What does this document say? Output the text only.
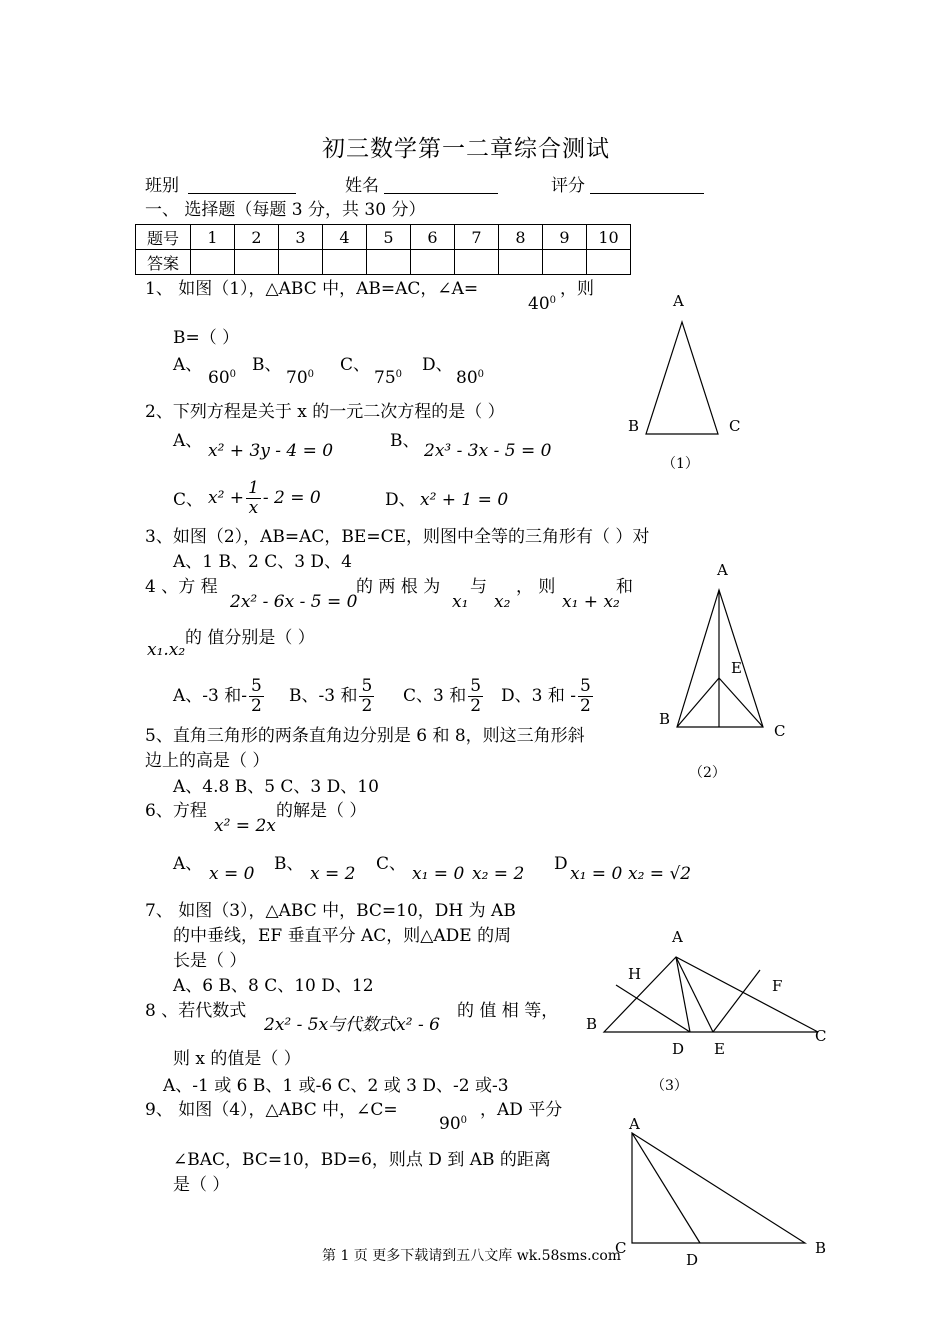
初三数学第一二章综合测试
班别	姓名	评分
一、 选择题（每题 3 分，共 30 分）
题号	1	2	3	4	5	6	7	8	9	10
答案										
1、 如图（1），△ABC 中，AB=AC，∠A=
$40^0$
，则
B=（ ）
A、
$60^0$ B、
$70^0$ C、
$75^0$ D、
$80^0$
2、下列方程是关于 x 的一元二次方程的是（ ）
A、 x² + 3y - 4 = 0	B、 2x³ - 3x - 5 = 0
C、 $x^2 + \frac{1}{x} - 2 = 0$	D、 x² + 1 = 0
3、如图（2），AB=AC，BE=CE，则图中全等的三角形有（ ）对
A、1 B、2 C、3 D、4
4 、方 程
2x² - 6x - 5 = 0
的 两 根 为
x₁
与
x₂
， 则
x₁ + x₂
和
x₁.x₂
的 值分别是（ ）
A、-3 和- $\frac{5}{2}$ B、-3 和 $\frac{5}{2}$ C、3 和 $\frac{5}{2}$ D、3 和 - $\frac{5}{2}$
5、直角三角形的两条直角边分别是 6 和 8，则这三角形斜
边上的高是（ ）
A、4.8 B、5 C、3 D、10
6、方程
x² = 2x
的解是（ ）
A、 x = 0 B、 x = 2 C、 x₁ = 0 x₂ = 2 D x₁ = 0 x₂ = √2
7、 如图（3），△ABC 中，BC=10，DH 为 AB
的中垂线，EF 垂直平分 AC，则△ADE 的周
长是（ ）
A、6 B、8 C、10 D、12
8 、若代数式
2x² - 5x与代数式x² - 6
的 值 相 等，
则 x 的值是（ ）
A、-1 或 6 B、1 或-6 C、2 或 3 D、-2 或-3
9、 如图（4），△ABC 中，∠C=
$90^0$
，AD 平分
∠BAC，BC=10，BD=6，则点 D 到 AB 的距离
是（ ）
A
B	C
（1）
A
B
C
E
（2）
A
H
F
B
C
D E
（3）
A
C	B
D
第 1 页 更多下载请到五八文库 wk.58sms.com
